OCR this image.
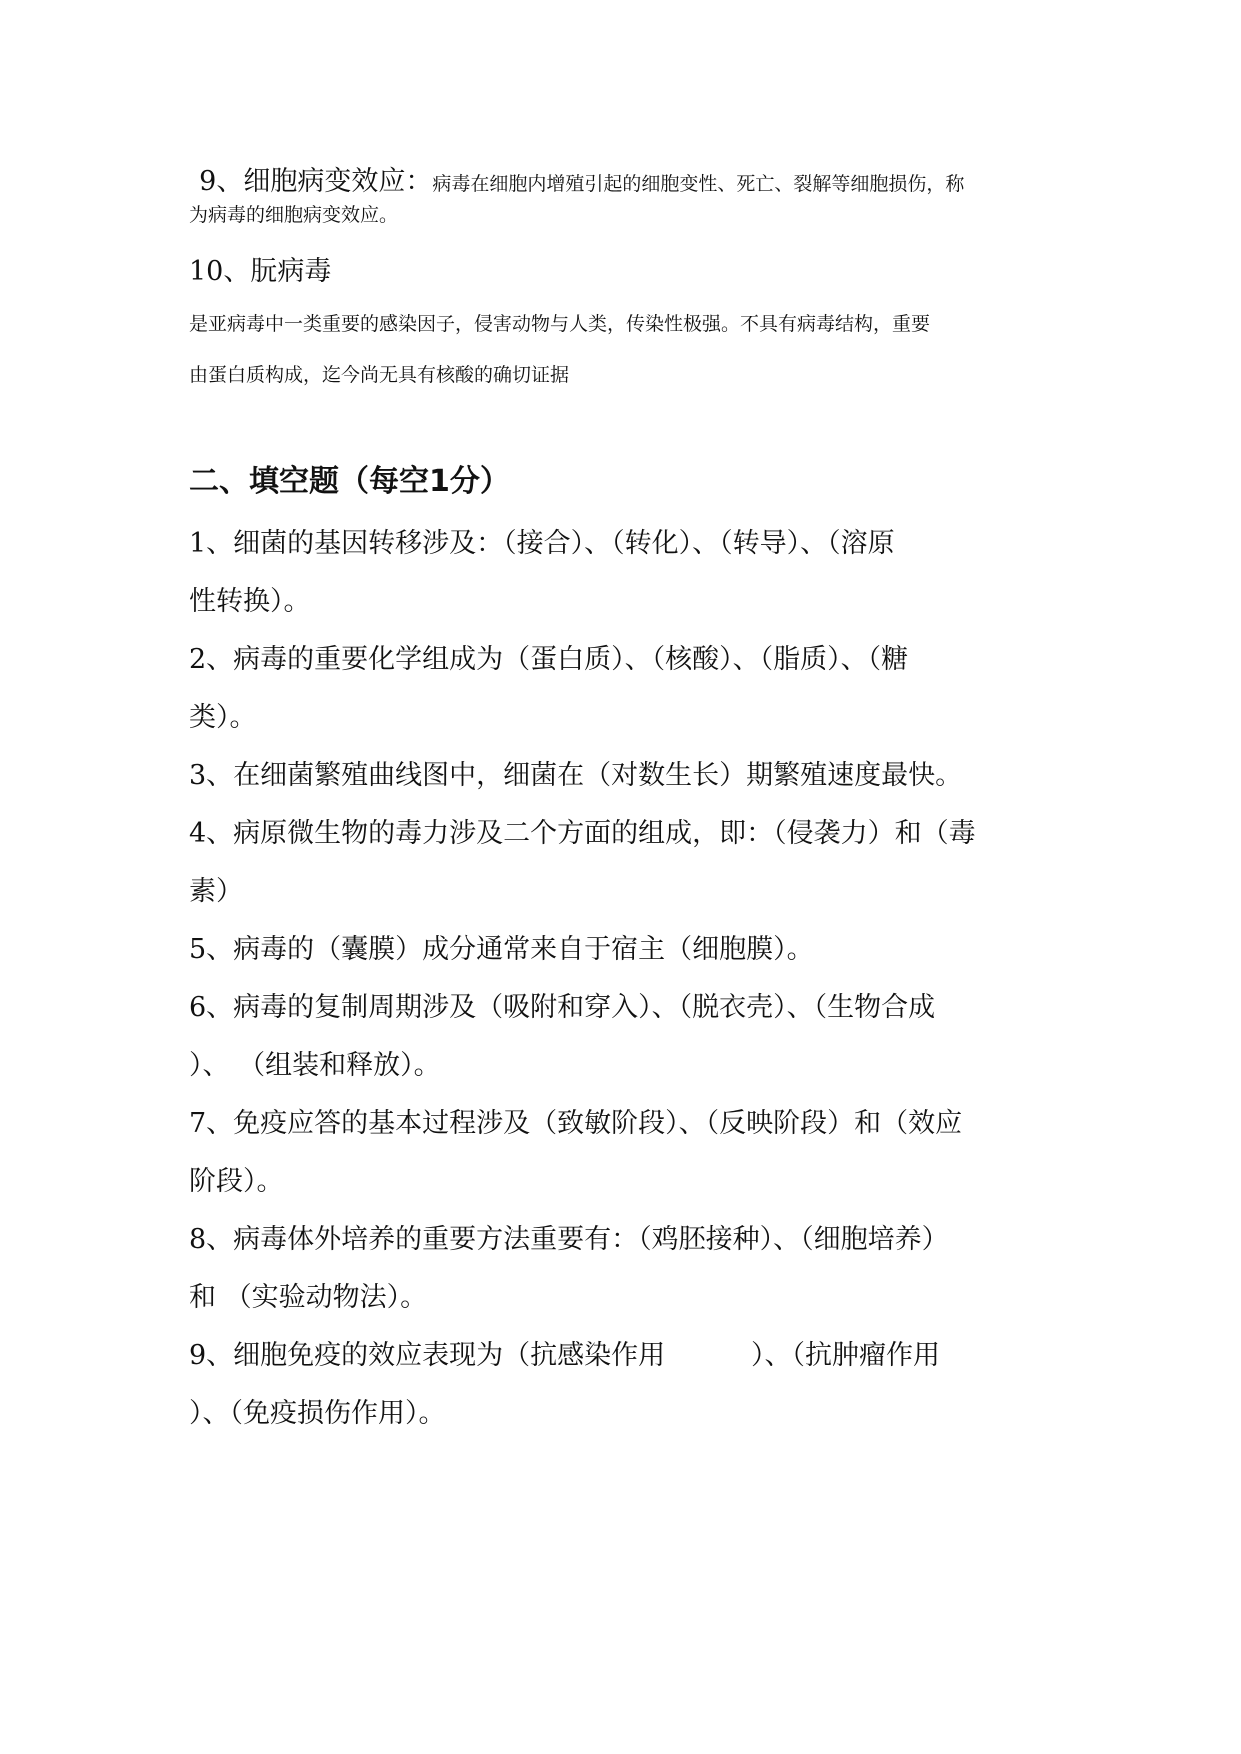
9、细胞病变效应：病毒在细胞内增殖引起的细胞变性、死亡、裂解等细胞损伤，称

为病毒的细胞病变效应。
10、朊病毒
是亚病毒中一类重要的感染因子，侵害动物与人类，传染性极强。不具有病毒结构，重要
由蛋白质构成，迄今尚无具有核酸的确切证据
二、填空题（每空1分）
1、细菌的基因转移涉及：（接合）、（转化）、（转导）、（溶原
性转换）。
2、病毒的重要化学组成为（蛋白质）、（核酸）、（脂质）、（糖
类）。
3、在细菌繁殖曲线图中，细菌在（对数生长）期繁殖速度最快。
4、病原微生物的毒力涉及二个方面的组成，即：（侵袭力）和（毒
素）
5、病毒的（囊膜）成分通常来自于宿主（细胞膜）。
6、病毒的复制周期涉及（吸附和穿入）、（脱衣壳）、（生物合成
）、 （组装和释放）。
7、免疫应答的基本过程涉及（致敏阶段）、（反映阶段）和（效应
阶段）。
8、病毒体外培养的重要方法重要有：（鸡胚接种）、（细胞培养）
和 （实验动物法）。
9、细胞免疫的效应表现为（抗感染作用          ）、（抗肿瘤作用
）、（免疫损伤作用）。
